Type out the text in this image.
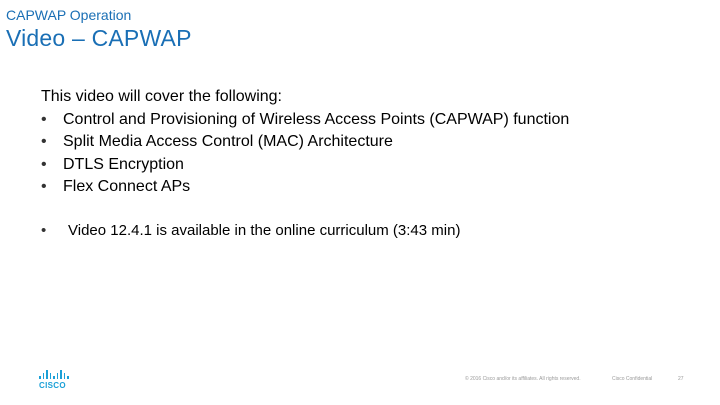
CAPWAP Operation
Video – CAPWAP

This video will cover the following:

•	Control and Provisioning of Wireless Access Points (CAPWAP) function
•	Split Media Access Control (MAC) Architecture
•	DTLS Encryption
•	Flex Connect APs
•	Video 12.4.1 is available in the online curriculum (3:43 min)
CISCO
© 2016 Cisco and/or its affiliates. All rights reserved.	Cisco Confidential	27
